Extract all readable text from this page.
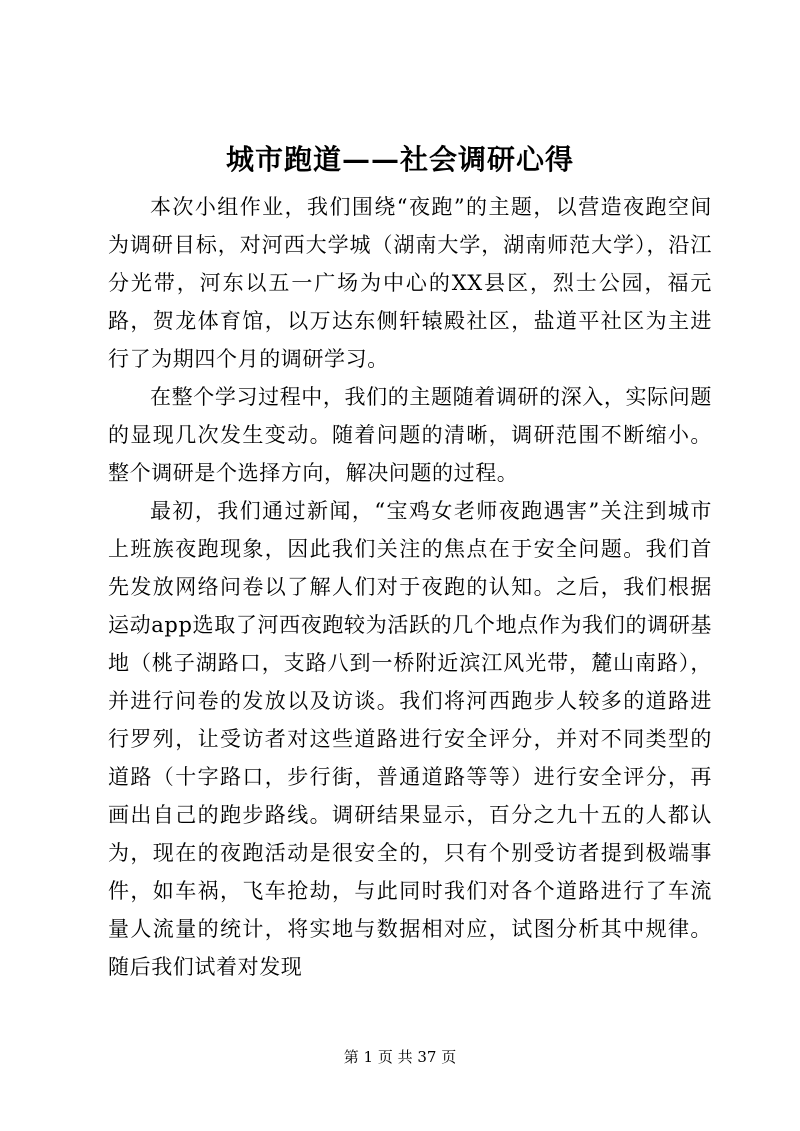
城市跑道——社会调研心得

本次小组作业，我们围绕“夜跑”的主题，以营造夜跑空间为调研目标，对河西大学城（湖南大学，湖南师范大学），沿江分光带，河东以五一广场为中心的XX县区，烈士公园，福元路，贺龙体育馆，以万达东侧轩辕殿社区，盐道平社区为主进行了为期四个月的调研学习。

在整个学习过程中，我们的主题随着调研的深入，实际问题的显现几次发生变动。随着问题的清晰，调研范围不断缩小。整个调研是个选择方向，解决问题的过程。

最初，我们通过新闻，“宝鸡女老师夜跑遇害”关注到城市上班族夜跑现象，因此我们关注的焦点在于安全问题。我们首先发放网络问卷以了解人们对于夜跑的认知。之后，我们根据运动app选取了河西夜跑较为活跃的几个地点作为我们的调研基地（桃子湖路口，支路八到一桥附近滨江风光带，麓山南路），并进行问卷的发放以及访谈。我们将河西跑步人较多的道路进行罗列，让受访者对这些道路进行安全评分，并对不同类型的道路（十字路口，步行街，普通道路等等）进行安全评分，再画出自己的跑步路线。调研结果显示，百分之九十五的人都认为，现在的夜跑活动是很安全的，只有个别受访者提到极端事件，如车祸，飞车抢劫，与此同时我们对各个道路进行了车流量人流量的统计，将实地与数据相对应，试图分析其中规律。随后我们试着对发现

第 1 页 共 37 页
